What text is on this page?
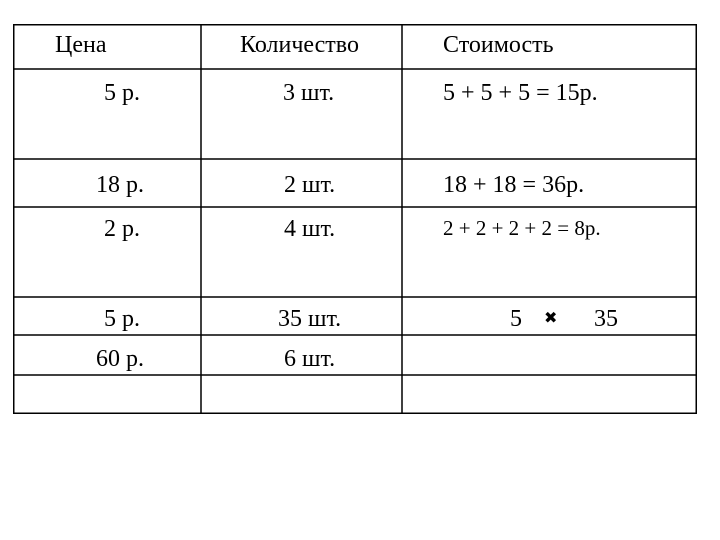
Цена	Количество	Стоимость
5 р.	3 шт.	5 + 5 + 5 = 15р.
18 р.	2 шт.	18 + 18 = 36р.
2 р.	4 шт.	2 + 2 + 2 + 2 = 8р.
5 р.	35 шт.	5 ✖ 35
60 р.	6 шт.
